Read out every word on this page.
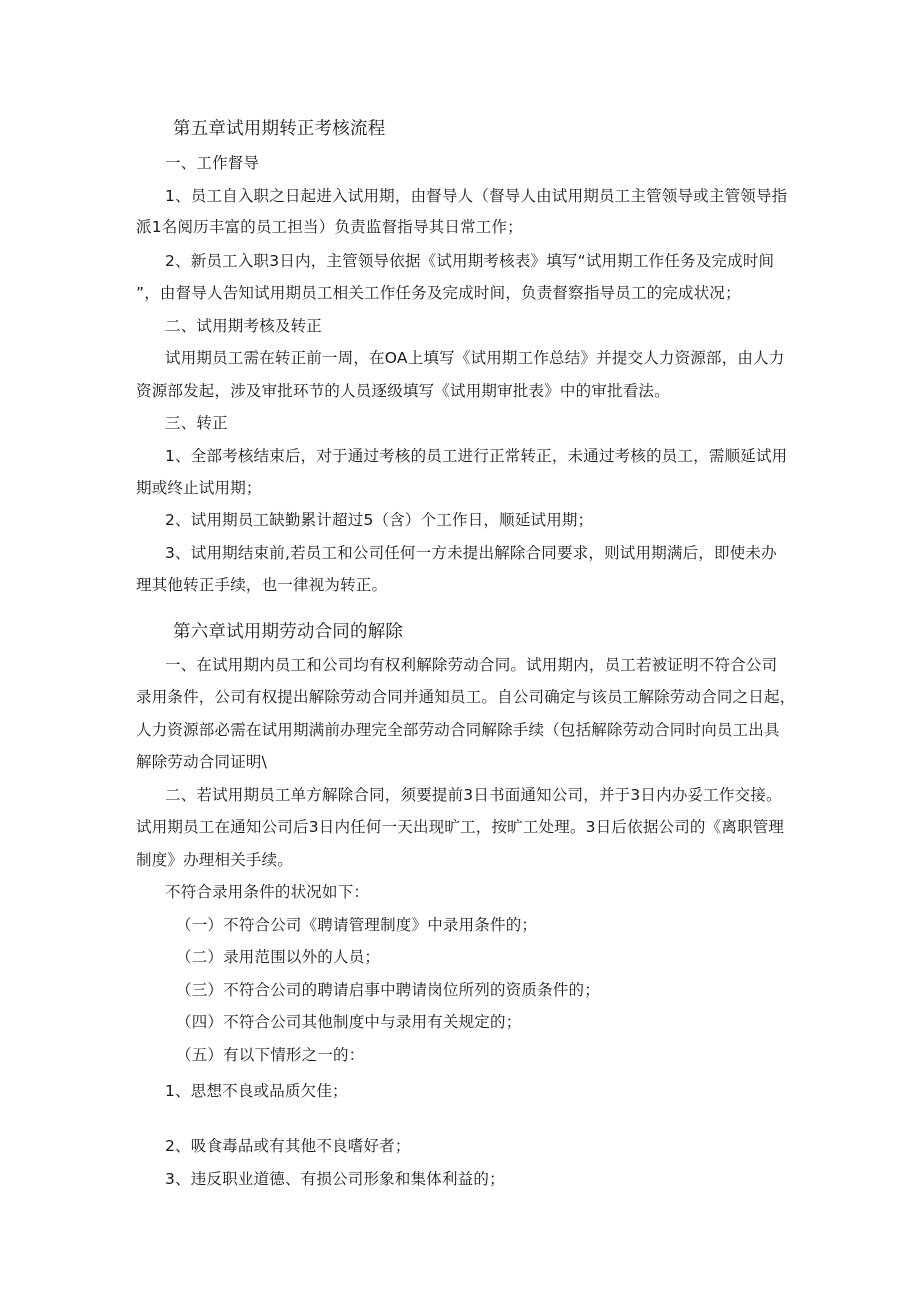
第五章试用期转正考核流程
一、工作督导
1、员工自入职之日起进入试用期，由督导人（督导人由试用期员工主管领导或主管领导指
派1名阅历丰富的员工担当）负责监督指导其日常工作；
2、新员工入职3日内，主管领导依据《试用期考核表》填写“试用期工作任务及完成时间
”，由督导人告知试用期员工相关工作任务及完成时间，负责督察指导员工的完成状况；
二、试用期考核及转正
试用期员工需在转正前一周，在OA上填写《试用期工作总结》并提交人力资源部，由人力
资源部发起，涉及审批环节的人员逐级填写《试用期审批表》中的审批看法。
三、转正
1、全部考核结束后，对于通过考核的员工进行正常转正，未通过考核的员工，需顺延试用
期或终止试用期；
2、试用期员工缺勤累计超过5（含）个工作日，顺延试用期；
3、试用期结束前,若员工和公司任何一方未提出解除合同要求，则试用期满后，即使未办
理其他转正手续，也一律视为转正。
第六章试用期劳动合同的解除
一、在试用期内员工和公司均有权利解除劳动合同。试用期内，员工若被证明不符合公司
录用条件，公司有权提出解除劳动合同并通知员工。自公司确定与该员工解除劳动合同之日起，
人力资源部必需在试用期满前办理完全部劳动合同解除手续（包括解除劳动合同时向员工出具
解除劳动合同证明\
二、若试用期员工单方解除合同，须要提前3日书面通知公司，并于3日内办妥工作交接。
试用期员工在通知公司后3日内任何一天出现旷工，按旷工处理。3日后依据公司的《离职管理
制度》办理相关手续。
不符合录用条件的状况如下：
（一）不符合公司《聘请管理制度》中录用条件的；
（二）录用范围以外的人员；
（三）不符合公司的聘请启事中聘请岗位所列的资质条件的；
（四）不符合公司其他制度中与录用有关规定的；
（五）有以下情形之一的：
1、思想不良或品质欠佳；
2、吸食毒品或有其他不良嗜好者；
3、违反职业道德、有损公司形象和集体利益的；
